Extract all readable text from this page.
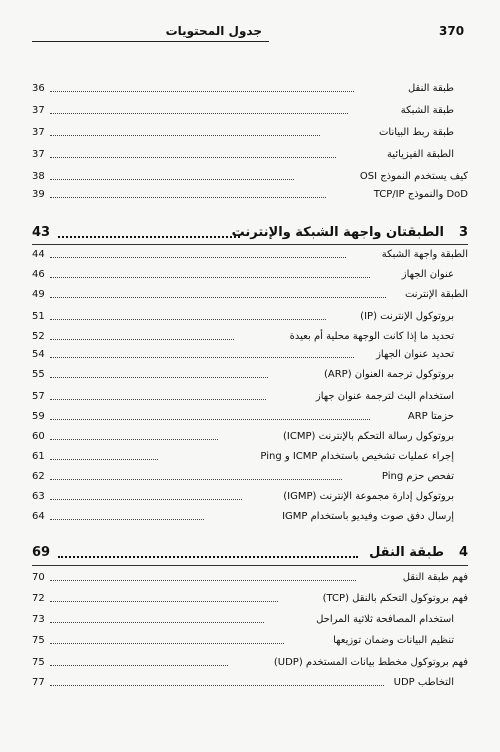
370
جدول المحتويات
36	طبقة النقل
37	طبقة الشبكة
37	طبقة ربط البيانات
37	الطبقة الفيزيائية
38	كيف يستخدم النموذج OSI
39	TCP/IP والنموذج DoD
43	الطبقتان واجهة الشبكة والإنترنت 3
44	الطبقة واجهة الشبكة
46	عنوان الجهاز
49	الطبقة الإنترنت
51	بروتوكول الإنترنت (IP)
52	تحديد ما إذا كانت الوجهة محلية أم بعيدة
54	تحديد عنوان الجهاز
55	بروتوكول ترجمة العنوان (ARP)
57	استخدام البث لترجمة عنوان جهاز
59	حزمتا ARP
60	بروتوكول رسالة التحكم بالإنترنت (ICMP)
61	إجراء عمليات تشخيص باستخدام ICMP و Ping
62	تفحص حزم Ping
63	بروتوكول إدارة مجموعة الإنترنت (IGMP)
64	إرسال دفق صوت وفيديو باستخدام IGMP
69	طبقة النقل 4
70	فهم طبقة النقل
72	فهم بروتوكول التحكم بالنقل (TCP)
73	استخدام المصافحة ثلاثية المراحل
75	تنظيم البيانات وضمان توزيعها
75	فهم بروتوكول مخطط بيانات المستخدم (UDP)
77	التخاطب UDP
